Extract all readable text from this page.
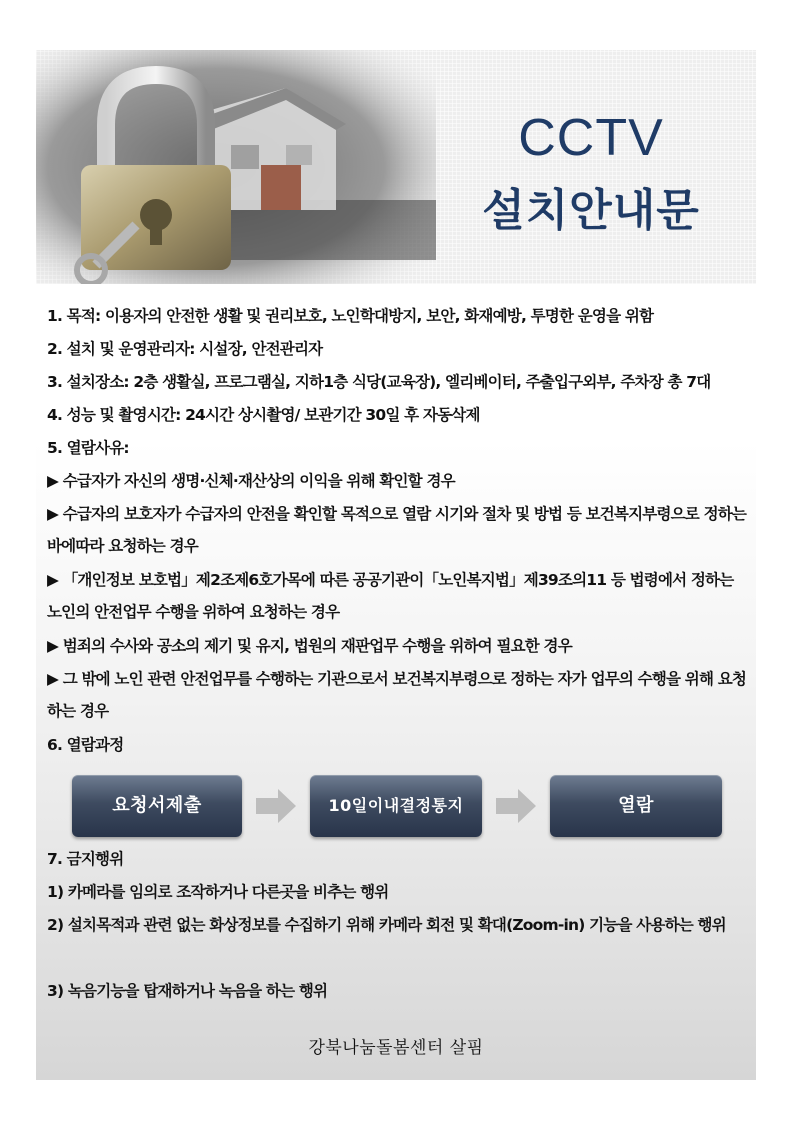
CCTV
설치안내문
1. 목적: 이용자의 안전한 생활 및 권리보호, 노인학대방지, 보안, 화재예방, 투명한 운영을 위함
2. 설치 및 운영관리자: 시설장, 안전관리자
3. 설치장소: 2층 생활실, 프로그램실, 지하1층 식당(교육장), 엘리베이터, 주출입구외부, 주차장 총 7대
4. 성능 및 촬영시간: 24시간 상시촬영/ 보관기간 30일 후 자동삭제
5. 열람사유:
▶ 수급자가 자신의 생명·신체·재산상의 이익을 위해 확인할 경우
▶ 수급자의 보호자가 수급자의 안전을 확인할 목적으로 열람 시기와 절차 및 방법 등 보건복지부령으로 정하는바에따라 요청하는 경우
▶ 「개인정보 보호법」제2조제6호가목에 따른 공공기관이「노인복지법」제39조의11 등 법령에서 정하는 노인의 안전업무 수행을 위하여 요청하는 경우
▶ 범죄의 수사와 공소의 제기 및 유지, 법원의 재판업무 수행을 위하여 필요한 경우
▶ 그 밖에 노인 관련 안전업무를 수행하는 기관으로서 보건복지부령으로 정하는 자가 업무의 수행을 위해 요청하는 경우
6. 열람과정
요청서제출	10일이내결정통지	열람
7. 금지행위
1) 카메라를 임의로 조작하거나 다른곳을 비추는 행위
2) 설치목적과 관련 없는 화상정보를 수집하기 위해 카메라 회전 및 확대(Zoom-in) 기능을 사용하는 행위
3) 녹음기능을 탑재하거나 녹음을 하는 행위
강북나눔돌봄센터 살핌
